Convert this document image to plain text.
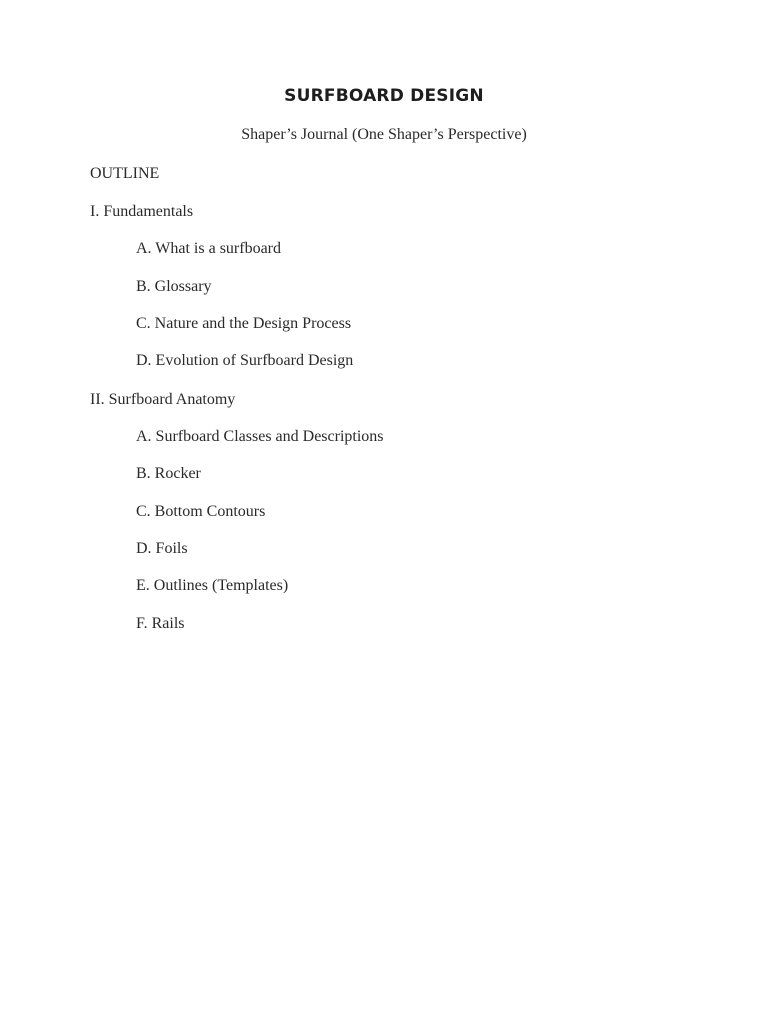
SURFBOARD DESIGN
Shaper’s Journal (One Shaper’s Perspective)
OUTLINE
I. Fundamentals
A. What is a surfboard
B. Glossary
C. Nature and the Design Process
D. Evolution of Surfboard Design
II. Surfboard Anatomy
A. Surfboard Classes and Descriptions
B. Rocker
C. Bottom Contours
D. Foils
E. Outlines (Templates)
F. Rails
